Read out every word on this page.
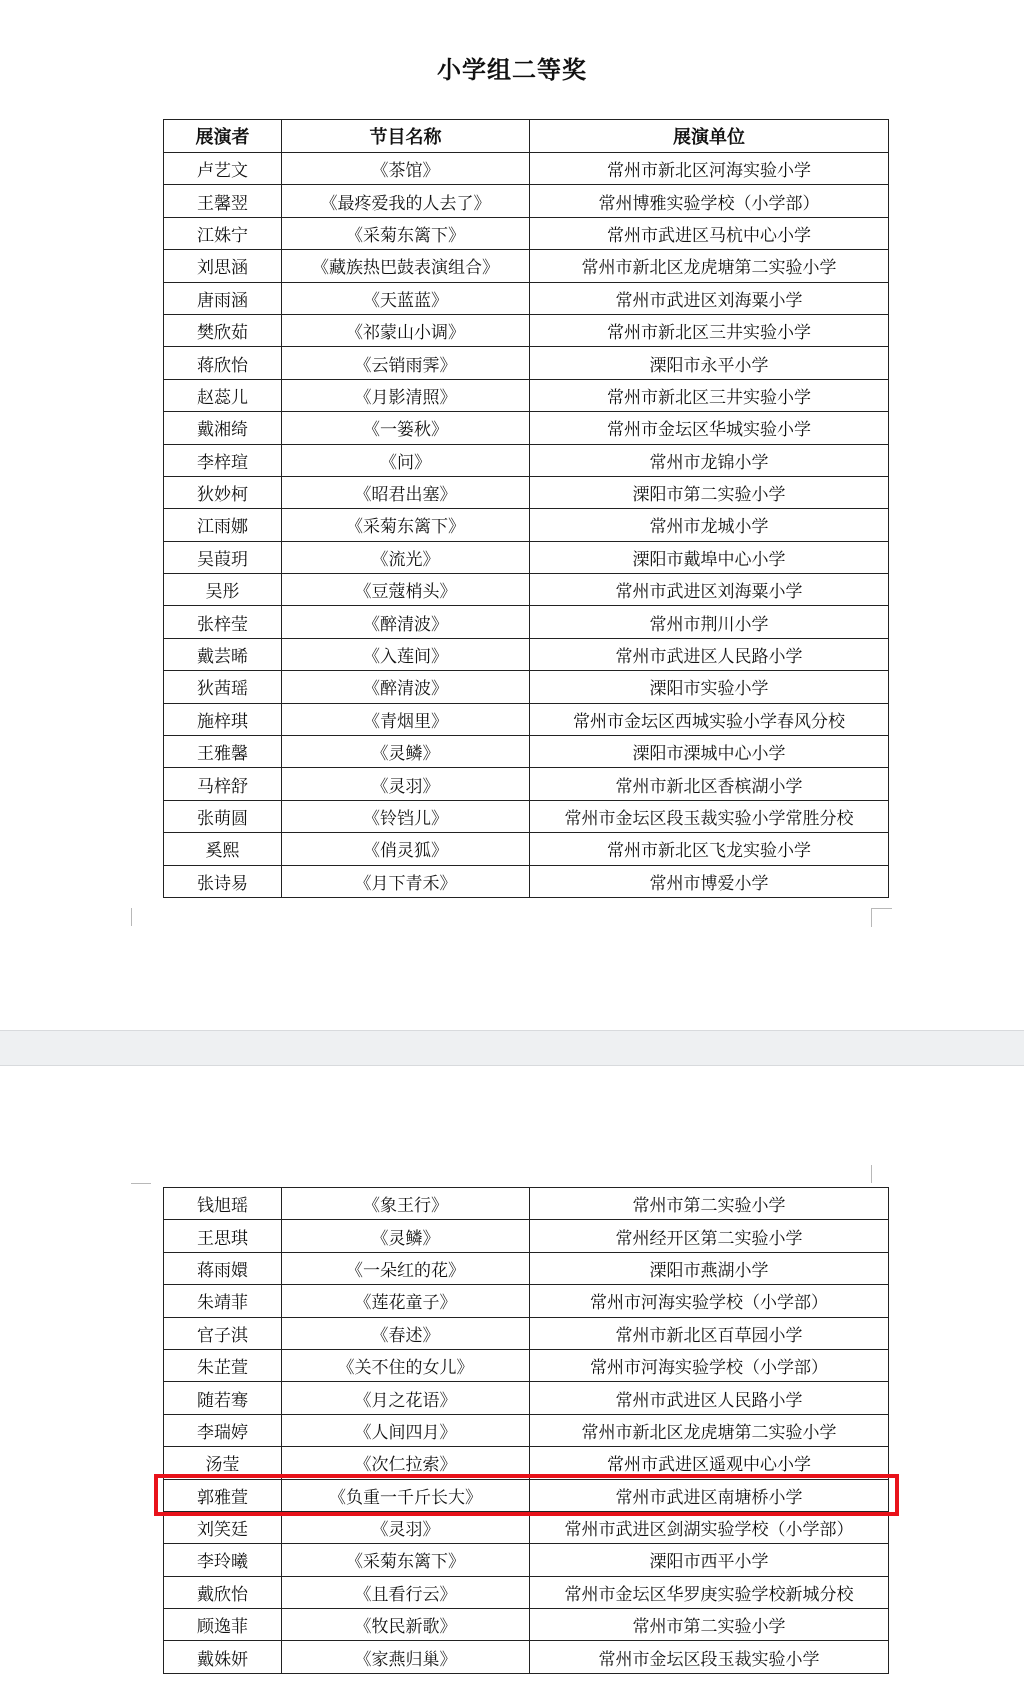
小学组二等奖
展演者	节目名称	展演单位
卢艺文	《茶馆》	常州市新北区河海实验小学
王馨翌	《最疼爱我的人去了》	常州博雅实验学校（小学部）
江姝宁	《采菊东篱下》	常州市武进区马杭中心小学
刘思涵	《藏族热巴鼓表演组合》	常州市新北区龙虎塘第二实验小学
唐雨涵	《天蓝蓝》	常州市武进区刘海粟小学
樊欣茹	《祁蒙山小调》	常州市新北区三井实验小学
蒋欣怡	《云销雨霁》	溧阳市永平小学
赵蕊儿	《月影清照》	常州市新北区三井实验小学
戴湘绮	《一篓秋》	常州市金坛区华城实验小学
李梓瑄	《问》	常州市龙锦小学
狄妙柯	《昭君出塞》	溧阳市第二实验小学
江雨娜	《采菊东篱下》	常州市龙城小学
吴葭玥	《流光》	溧阳市戴埠中心小学
吴彤	《豆蔻梢头》	常州市武进区刘海粟小学
张梓莹	《醉清波》	常州市荆川小学
戴芸晞	《入莲间》	常州市武进区人民路小学
狄茜瑶	《醉清波》	溧阳市实验小学
施梓琪	《青烟里》	常州市金坛区西城实验小学春风分校
王雅馨	《灵鳞》	溧阳市溧城中心小学
马梓舒	《灵羽》	常州市新北区香槟湖小学
张萌圆	《铃铛儿》	常州市金坛区段玉裁实验小学常胜分校
奚熙	《俏灵狐》	常州市新北区飞龙实验小学
张诗易	《月下青禾》	常州市博爱小学
钱旭瑶	《象王行》	常州市第二实验小学
王思琪	《灵鳞》	常州经开区第二实验小学
蒋雨嬛	《一朵红的花》	溧阳市燕湖小学
朱靖菲	《莲花童子》	常州市河海实验学校（小学部）
官子淇	《春述》	常州市新北区百草园小学
朱芷萱	《关不住的女儿》	常州市河海实验学校（小学部）
随若骞	《月之花语》	常州市武进区人民路小学
李瑞婷	《人间四月》	常州市新北区龙虎塘第二实验小学
汤莹	《次仁拉索》	常州市武进区遥观中心小学
郭雅萱	《负重一千斤长大》	常州市武进区南塘桥小学
刘笑廷	《灵羽》	常州市武进区剑湖实验学校（小学部）
李玲曦	《采菊东篱下》	溧阳市西平小学
戴欣怡	《且看行云》	常州市金坛区华罗庚实验学校新城分校
顾逸菲	《牧民新歌》	常州市第二实验小学
戴姝妍	《家燕归巢》	常州市金坛区段玉裁实验小学
